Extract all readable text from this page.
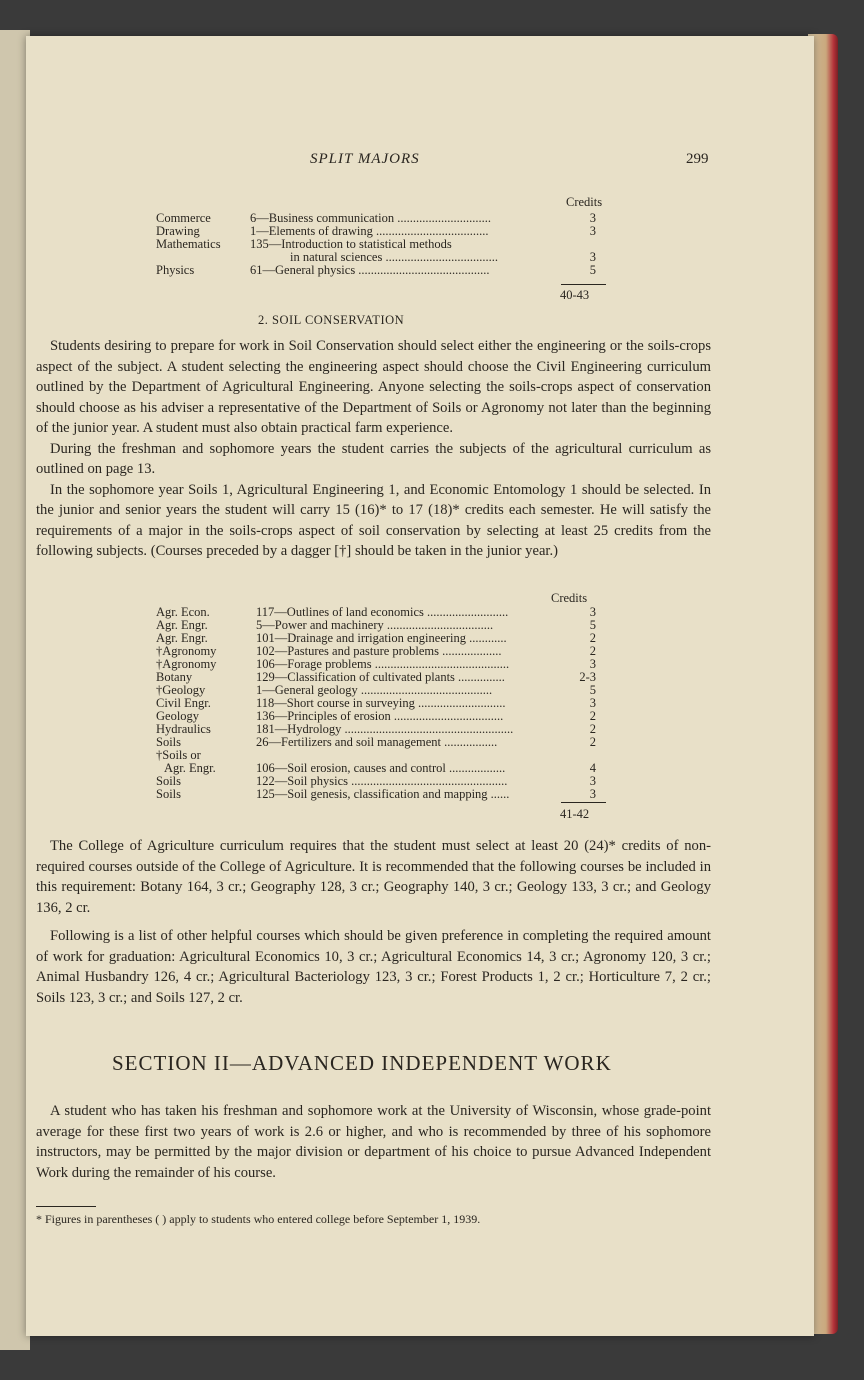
SPLIT MAJORS	299
Credits
Commerce	6—Business communication ..............................	3
Drawing	1—Elements of drawing ....................................	3
Mathematics 135—Introduction to statistical methods
in natural sciences ....................................	3
Physics	61—General physics ..........................................	5
40-43
2. SOIL CONSERVATION

Students desiring to prepare for work in Soil Conservation should select either the engineering or the soils-crops aspect of the subject. A student selecting the engineering aspect should choose the Civil Engineering curriculum outlined by the Department of Agricultural Engineering. Anyone selecting the soils-crops aspect of conservation should choose as his adviser a representative of the Department of Soils or Agronomy not later than the beginning of the junior year. A student must also obtain practical farm experience.

During the freshman and sophomore years the student carries the subjects of the agricultural curriculum as outlined on page 13.

In the sophomore year Soils 1, Agricultural Engineering 1, and Economic Entomology 1 should be selected. In the junior and senior years the student will carry 15 (16)* to 17 (18)* credits each semester. He will satisfy the requirements of a major in the soils-crops aspect of soil conservation by selecting at least 25 credits from the following subjects. (Courses preceded by a dagger [†] should be taken in the junior year.)

Credits
Agr. Econ.	117—Outlines of land economics ..........................	3
Agr. Engr.	5—Power and machinery ..................................	5
Agr. Engr.	101—Drainage and irrigation engineering ............	2
†Agronomy	102—Pastures and pasture problems ...................	2
†Agronomy	106—Forage problems ...........................................	3
Botany	129—Classification of cultivated plants ...............	2-3
†Geology	1—General geology ..........................................	5
Civil Engr.	118—Short course in surveying ............................	3
Geology	136—Principles of erosion ...................................	2
Hydraulics	181—Hydrology ......................................................	2
Soils	26—Fertilizers and soil management .................	2
†Soils or
Agr. Engr.	106—Soil erosion, causes and control ..................	4
Soils	122—Soil physics ..................................................	3
Soils	125—Soil genesis, classification and mapping ......	3
41-42

The College of Agriculture curriculum requires that the student must select at least 20 (24)* credits of non-required courses outside of the College of Agriculture. It is recommended that the following courses be included in this requirement: Botany 164, 3 cr.; Geography 128, 3 cr.; Geography 140, 3 cr.; Geology 133, 3 cr.; and Geology 136, 2 cr.

Following is a list of other helpful courses which should be given preference in completing the required amount of work for graduation: Agricultural Economics 10, 3 cr.; Agricultural Economics 14, 3 cr.; Agronomy 120, 3 cr.; Animal Husbandry 126, 4 cr.; Agricultural Bacteriology 123, 3 cr.; Forest Products 1, 2 cr.; Horticulture 7, 2 cr.; Soils 123, 3 cr.; and Soils 127, 2 cr.

SECTION II—ADVANCED INDEPENDENT WORK

A student who has taken his freshman and sophomore work at the University of Wisconsin, whose grade-point average for these first two years of work is 2.6 or higher, and who is recommended by three of his sophomore instructors, may be permitted by the major division or department of his choice to pursue Advanced Independent Work during the remainder of his course.

* Figures in parentheses ( ) apply to students who entered college before September 1, 1939.
